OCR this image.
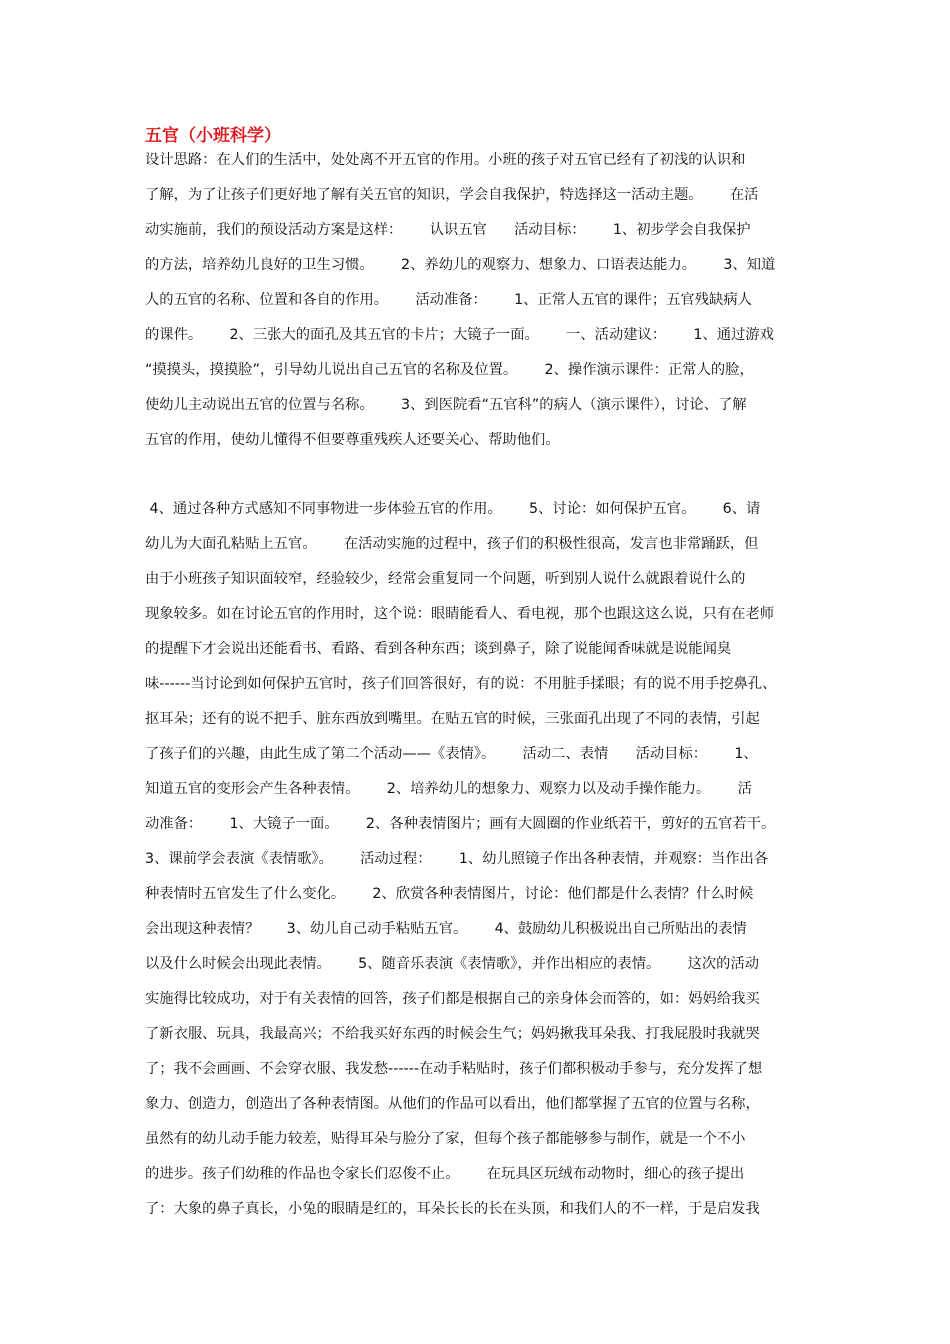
五官（小班科学）
设计思路：在人们的生活中，处处离不开五官的作用。小班的孩子对五官已经有了初浅的认识和
了解，为了让孩子们更好地了解有关五官的知识，学会自我保护，特选择这一活动主题。      在活
动实施前，我们的预设活动方案是这样：      认识五官      活动目标：      1、初步学会自我保护
的方法，培养幼儿良好的卫生习惯。      2、养幼儿的观察力、想象力、口语表达能力。      3、知道
人的五官的名称、位置和各自的作用。      活动准备：      1、正常人五官的课件；五官残缺病人
的课件。      2、三张大的面孔及其五官的卡片；大镜子一面。      一、活动建议：      1、通过游戏
“摸摸头，摸摸脸”，引导幼儿说出自己五官的名称及位置。      2、操作演示课件：正常人的脸，
使幼儿主动说出五官的位置与名称。      3、到医院看“五官科”的病人（演示课件），讨论、了解
五官的作用，使幼儿懂得不但要尊重残疾人还要关心、帮助他们。
4、通过各种方式感知不同事物进一步体验五官的作用。      5、讨论：如何保护五官。      6、请
幼儿为大面孔粘贴上五官。      在活动实施的过程中，孩子们的积极性很高，发言也非常踊跃，但
由于小班孩子知识面较窄，经验较少，经常会重复同一个问题，听到别人说什么就跟着说什么的
现象较多。如在讨论五官的作用时，这个说：眼睛能看人、看电视，那个也跟这这么说，只有在老师
的提醒下才会说出还能看书、看路、看到各种东西；谈到鼻子，除了说能闻香味就是说能闻臭
味------当讨论到如何保护五官时，孩子们回答很好，有的说：不用脏手揉眼；有的说不用手挖鼻孔、
抠耳朵；还有的说不把手、脏东西放到嘴里。在贴五官的时候，三张面孔出现了不同的表情，引起
了孩子们的兴趣，由此生成了第二个活动——《表情》。      活动二、表情      活动目标：      1、
知道五官的变形会产生各种表情。      2、培养幼儿的想象力、观察力以及动手操作能力。      活
动准备：      1、大镜子一面。      2、各种表情图片；画有大圆圈的作业纸若干，剪好的五官若干。
3、课前学会表演《表情歌》。      活动过程：      1、幼儿照镜子作出各种表情，并观察：当作出各
种表情时五官发生了什么变化。      2、欣赏各种表情图片，讨论：他们都是什么表情？什么时候
会出现这种表情？      3、幼儿自己动手粘贴五官。      4、鼓励幼儿积极说出自己所贴出的表情
以及什么时候会出现此表情。      5、随音乐表演《表情歌》，并作出相应的表情。      这次的活动
实施得比较成功，对于有关表情的回答，孩子们都是根据自己的亲身体会而答的，如：妈妈给我买
了新衣服、玩具，我最高兴；不给我买好东西的时候会生气；妈妈揪我耳朵我、打我屁股时我就哭
了；我不会画画、不会穿衣服、我发愁------在动手粘贴时，孩子们都积极动手参与，充分发挥了想
象力、创造力，创造出了各种表情图。从他们的作品可以看出，他们都掌握了五官的位置与名称，
虽然有的幼儿动手能力较差，贴得耳朵与脸分了家，但每个孩子都能够参与制作，就是一个不小
的进步。孩子们幼稚的作品也令家长们忍俊不止。      在玩具区玩绒布动物时，细心的孩子提出
了：大象的鼻子真长，小兔的眼睛是红的，耳朵长长的长在头顶，和我们人的不一样，于是启发我
